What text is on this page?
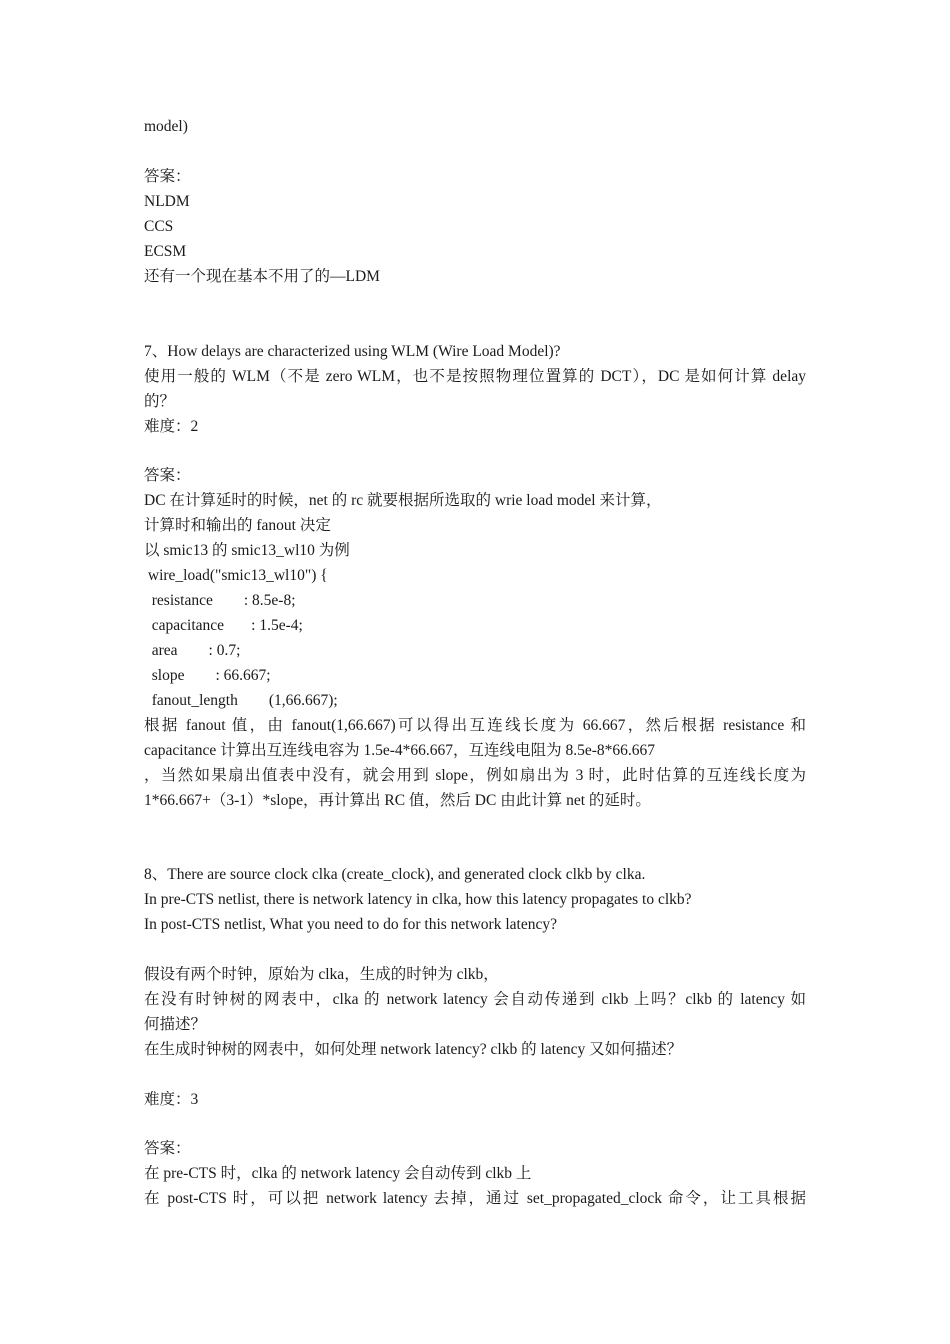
model)
答案：
NLDM
CCS
ECSM
还有一个现在基本不用了的—LDM
7、How delays are characterized using WLM (Wire Load Model)?
使用一般的 WLM（不是 zero WLM，也不是按照物理位置算的 DCT），DC 是如何计算 delay
的？
难度：2
答案：
DC 在计算延时的时候，net 的 rc 就要根据所选取的 wrie load model 来计算，
计算时和输出的 fanout 决定
以 smic13 的 smic13_wl10 为例
wire_load("smic13_wl10") {
resistance        : 8.5e-8;
capacitance       : 1.5e-4;
area        : 0.7;
slope        : 66.667;
fanout_length        (1,66.667);
根据 fanout 值，由 fanout(1,66.667)可以得出互连线长度为 66.667，然后根据 resistance 和
capacitance 计算出互连线电容为 1.5e-4*66.667，互连线电阻为 8.5e-8*66.667
，当然如果扇出值表中没有，就会用到 slope，例如扇出为 3 时，此时估算的互连线长度为
1*66.667+（3-1）*slope，再计算出 RC 值，然后 DC 由此计算 net 的延时。
8、There are source clock clka (create_clock), and generated clock clkb by clka.
In pre-CTS netlist, there is network latency in clka, how this latency propagates to clkb?
In post-CTS netlist, What you need to do for this network latency?
假设有两个时钟，原始为 clka，生成的时钟为 clkb，
在没有时钟树的网表中，clka 的 network latency 会自动传递到 clkb 上吗？clkb 的 latency 如
何描述？
在生成时钟树的网表中，如何处理 network latency? clkb 的 latency 又如何描述？
难度：3
答案：
在 pre-CTS 时，clka 的 network latency 会自动传到 clkb 上
在 post-CTS 时，可以把 network latency 去掉，通过 set_propagated_clock 命令，让工具根据
